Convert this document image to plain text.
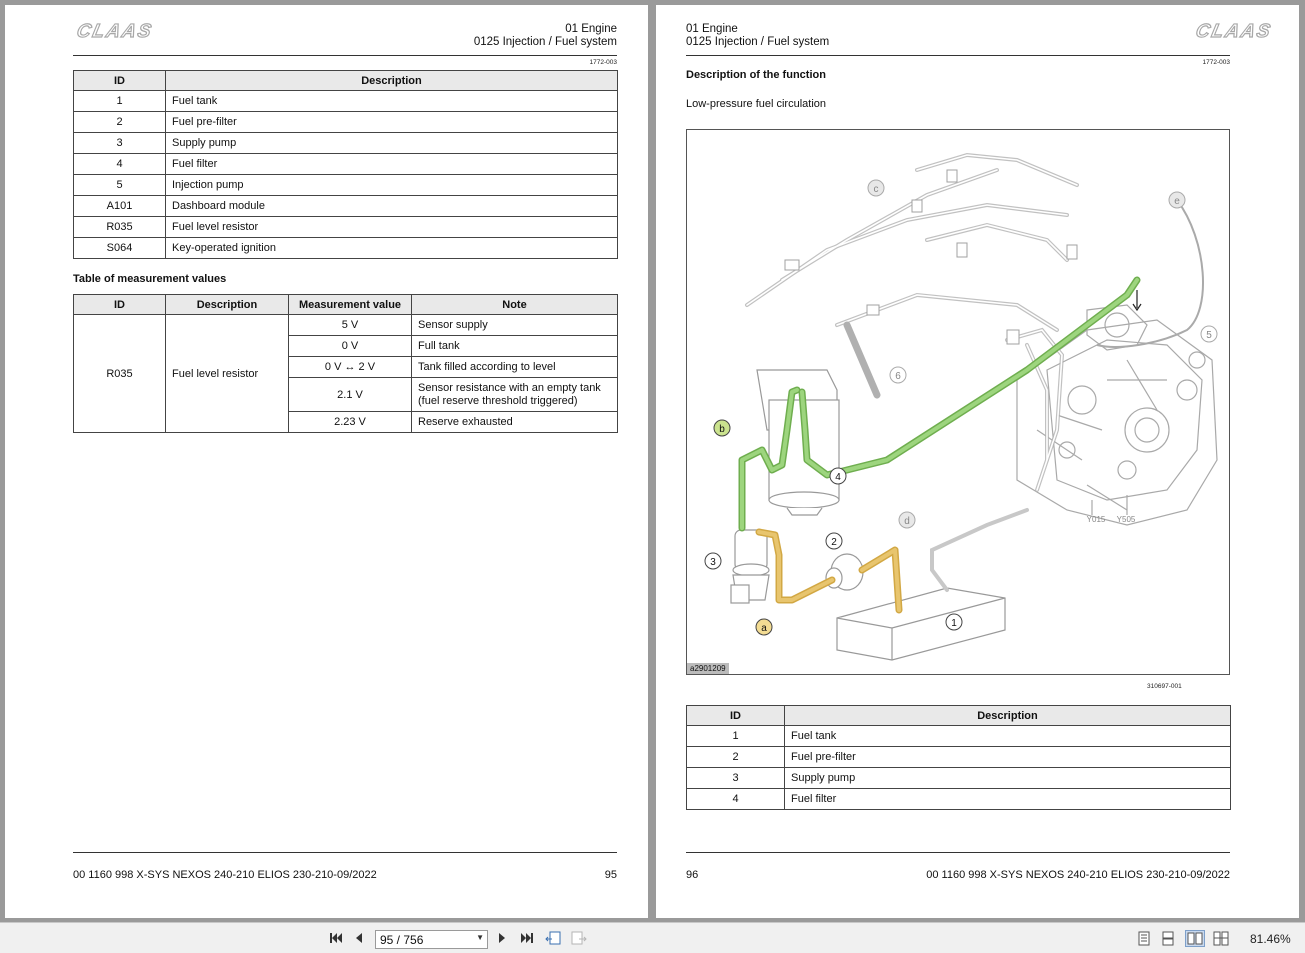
CLAAS	01 Engine
0125 Injection / Fuel system
1772-003
ID	Description
1	Fuel tank
2	Fuel pre-filter
3	Supply pump
4	Fuel filter
5	Injection pump
A101	Dashboard module
R035	Fuel level resistor
S064	Key-operated ignition
Table of measurement values
ID	Description	Measurement value	Note
R035	Fuel level resistor	5 V	Sensor supply
		0 V	Full tank
		0 V ↔ 2 V	Tank filled according to level
		2.1 V	Sensor resistance with an empty tank
(fuel reserve threshold triggered)

		2.23 V	Reserve exhausted
00 1160 998 X-SYS NEXOS 240-210 ELIOS 230-210-09/2022	95
01 Engine
0125 Injection / Fuel system	CLAAS
1772-003
Description of the function
Low-pressure fuel circulation
1
2
3
4
5
6
a
b
c
d
e
Y015 Y505
a2901209
310697-001
ID	Description
1	Fuel tank
2	Fuel pre-filter
3	Supply pump
4	Fuel filter
96	00 1160 998 X-SYS NEXOS 240-210 ELIOS 230-210-09/2022
95 / 756	▼	81.46%
